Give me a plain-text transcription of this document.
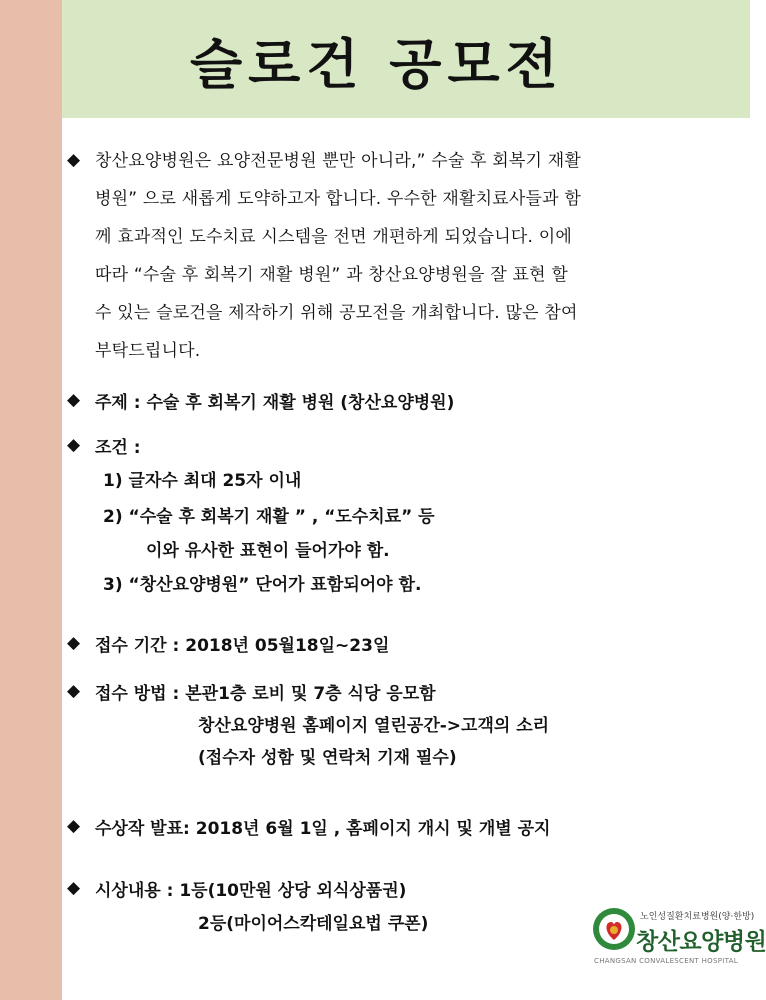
슬로건 공모전
◆ 창산요양병원은 요양전문병원 뿐만 아니라,” 수술 후 회복기 재활
병원” 으로 새롭게 도약하고자 합니다. 우수한 재활치료사들과 함
께 효과적인 도수치료 시스템을 전면 개편하게 되었습니다. 이에
따라 “수술 후 회복기 재활 병원” 과 창산요양병원을 잘 표현 할
수 있는 슬로건을 제작하기 위해 공모전을 개최합니다. 많은 참여
부탁드립니다.
◆ 주제 : 수술 후 회복기 재활 병원 (창산요양병원)
◆ 조건 :
1) 글자수 최대 25자 이내
2) “수술 후 회복기 재활 ” , “도수치료” 등
이와 유사한 표현이 들어가야 함.
3) “창산요양병원” 단어가 표함되어야 함.
◆ 접수 기간 : 2018년 05월18일~23일
◆ 접수 방법 : 본관1층 로비 및 7층 식당 응모함
창산요양병원 홈페이지 열린공간->고객의 소리
(접수자 성함 및 연락처 기재 필수)
◆ 수상작 발표: 2018년 6월 1일 , 홈페이지 개시 및 개별 공지
◆ 시상내용 : 1등(10만원 상당 외식상품권)
2등(마이어스칵테일요법 쿠폰)	노인성질환치료병원(양·한방)
창산요양병원
CHANGSAN CONVALESCENT HOSPITAL
